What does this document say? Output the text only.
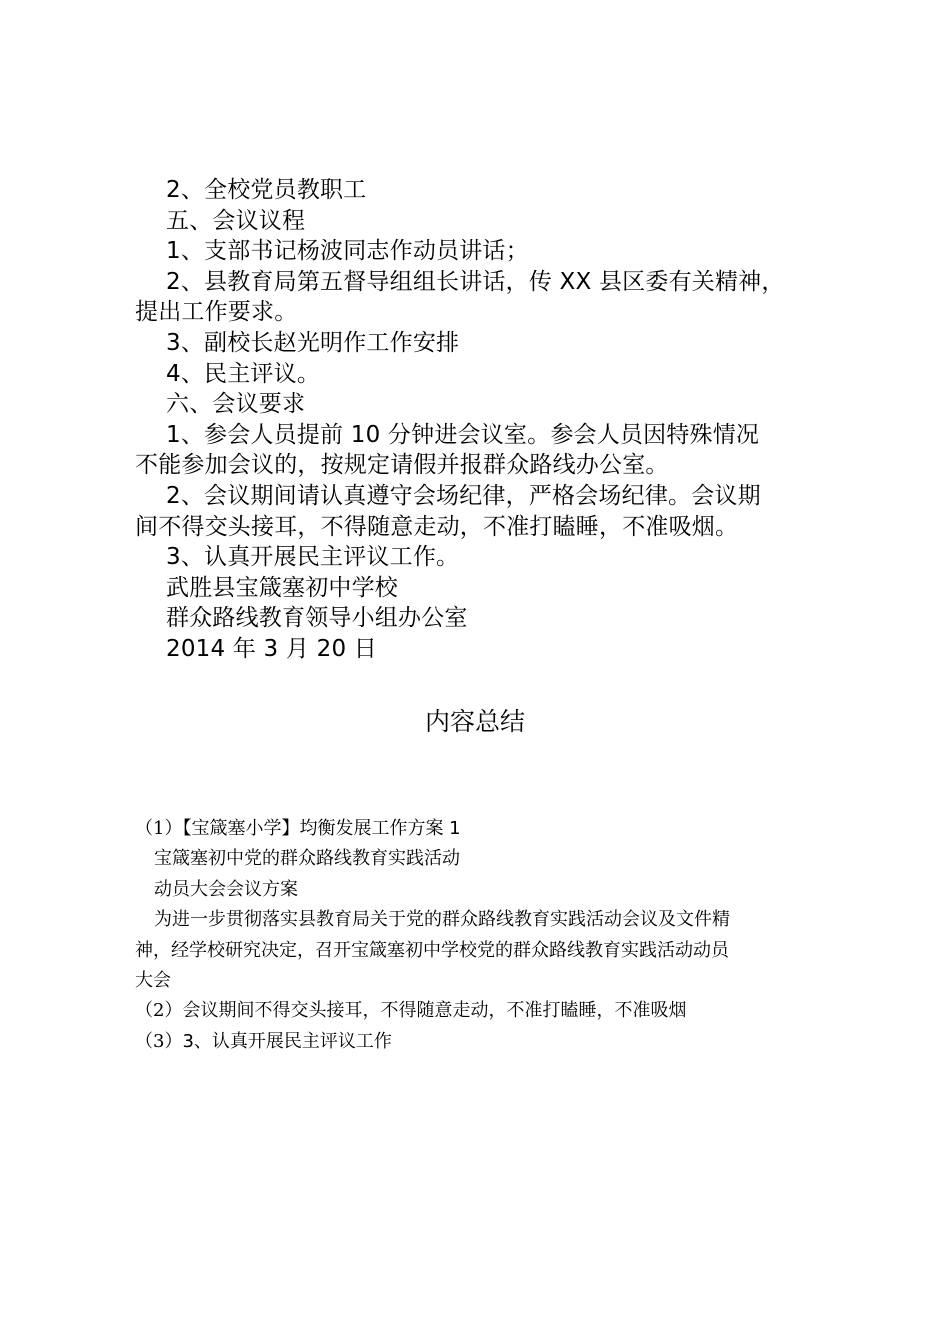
2、全校党员教职工

五、会议议程

1、支部书记杨波同志作动员讲话；

2、县教育局第五督导组组长讲话，传 XX 县区委有关精神，

提出工作要求。

3、副校长赵光明作工作安排

4、民主评议。

六、会议要求

1、参会人员提前 10 分钟进会议室。参会人员因特殊情况

不能参加会议的，按规定请假并报群众路线办公室。

2、会议期间请认真遵守会场纪律，严格会场纪律。会议期

间不得交头接耳，不得随意走动，不准打瞌睡，不准吸烟。

3、认真开展民主评议工作。

武胜县宝箴塞初中学校

群众路线教育领导小组办公室

2014 年 3 月 20 日

内容总结

（1）【宝箴塞小学】均衡发展工作方案 1

宝箴塞初中党的群众路线教育实践活动

动员大会会议方案

为进一步贯彻落实县教育局关于党的群众路线教育实践活动会议及文件精

神，经学校研究决定，召开宝箴塞初中学校党的群众路线教育实践活动动员

大会

（2）会议期间不得交头接耳，不得随意走动，不准打瞌睡，不准吸烟

（3）3、认真开展民主评议工作
